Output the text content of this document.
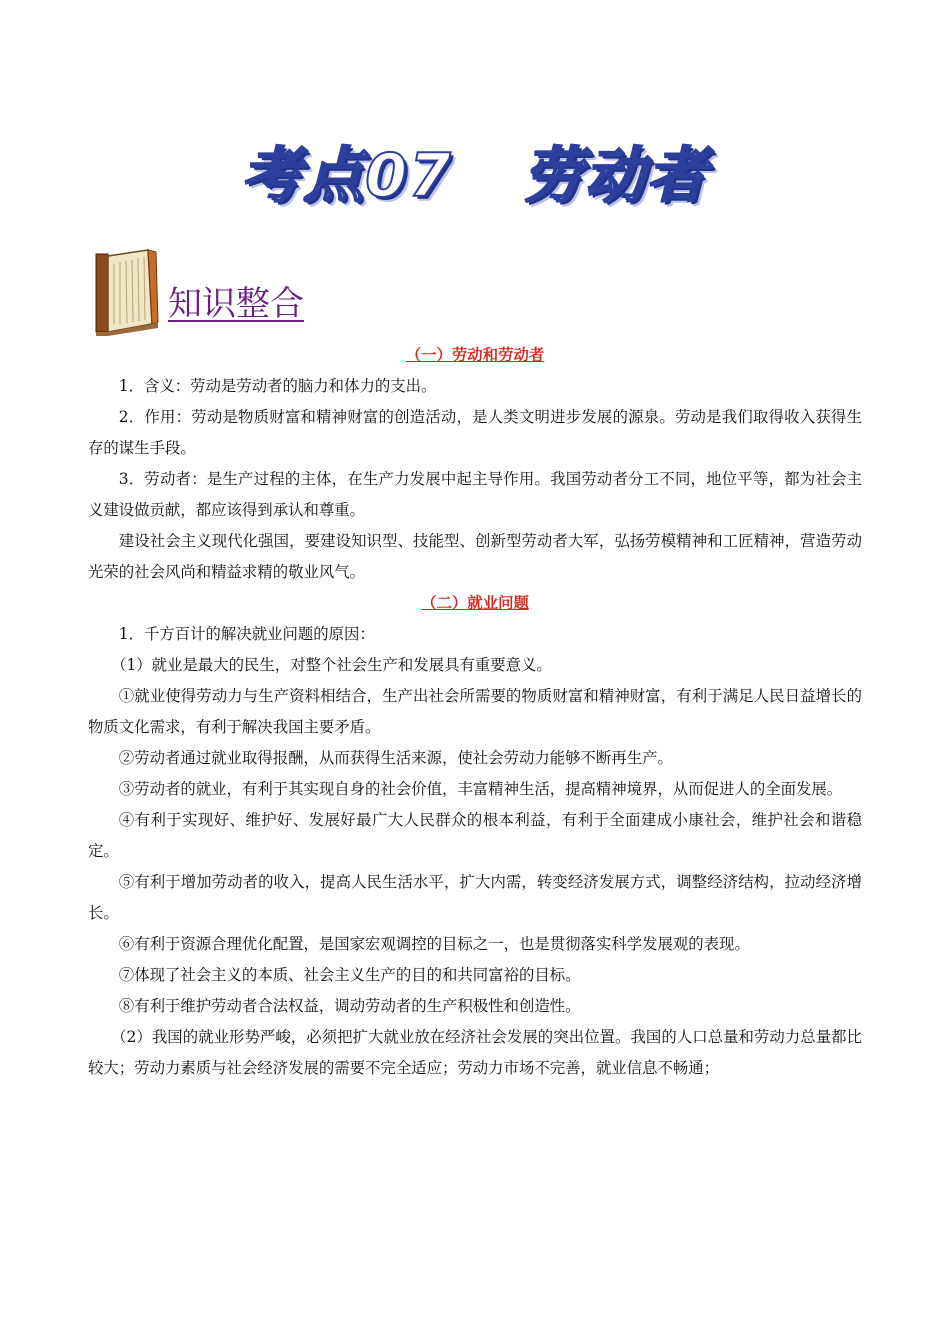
考点07 劳动者
知识整合
（一）劳动和劳动者

1．含义：劳动是劳动者的脑力和体力的支出。

2．作用：劳动是物质财富和精神财富的创造活动，是人类文明进步发展的源泉。劳动是我们取得收入获得生存的谋生手段。

3．劳动者：是生产过程的主体，在生产力发展中起主导作用。我国劳动者分工不同，地位平等，都为社会主义建设做贡献，都应该得到承认和尊重。

建设社会主义现代化强国，要建设知识型、技能型、创新型劳动者大军，弘扬劳模精神和工匠精神，营造劳动光荣的社会风尚和精益求精的敬业风气。

（二）就业问题

1．千方百计的解决就业问题的原因：

（1）就业是最大的民生，对整个社会生产和发展具有重要意义。

①就业使得劳动力与生产资料相结合，生产出社会所需要的物质财富和精神财富，有利于满足人民日益增长的物质文化需求，有利于解决我国主要矛盾。

②劳动者通过就业取得报酬，从而获得生活来源，使社会劳动力能够不断再生产。

③劳动者的就业，有利于其实现自身的社会价值，丰富精神生活，提高精神境界，从而促进人的全面发展。

④有利于实现好、维护好、发展好最广大人民群众的根本利益，有利于全面建成小康社会，维护社会和谐稳定。

⑤有利于增加劳动者的收入，提高人民生活水平，扩大内需，转变经济发展方式，调整经济结构，拉动经济增长。

⑥有利于资源合理优化配置，是国家宏观调控的目标之一，也是贯彻落实科学发展观的表现。

⑦体现了社会主义的本质、社会主义生产的目的和共同富裕的目标。

⑧有利于维护劳动者合法权益，调动劳动者的生产积极性和创造性。

（2）我国的就业形势严峻，必须把扩大就业放在经济社会发展的突出位置。我国的人口总量和劳动力总量都比较大；劳动力素质与社会经济发展的需要不完全适应；劳动力市场不完善，就业信息不畅通；
